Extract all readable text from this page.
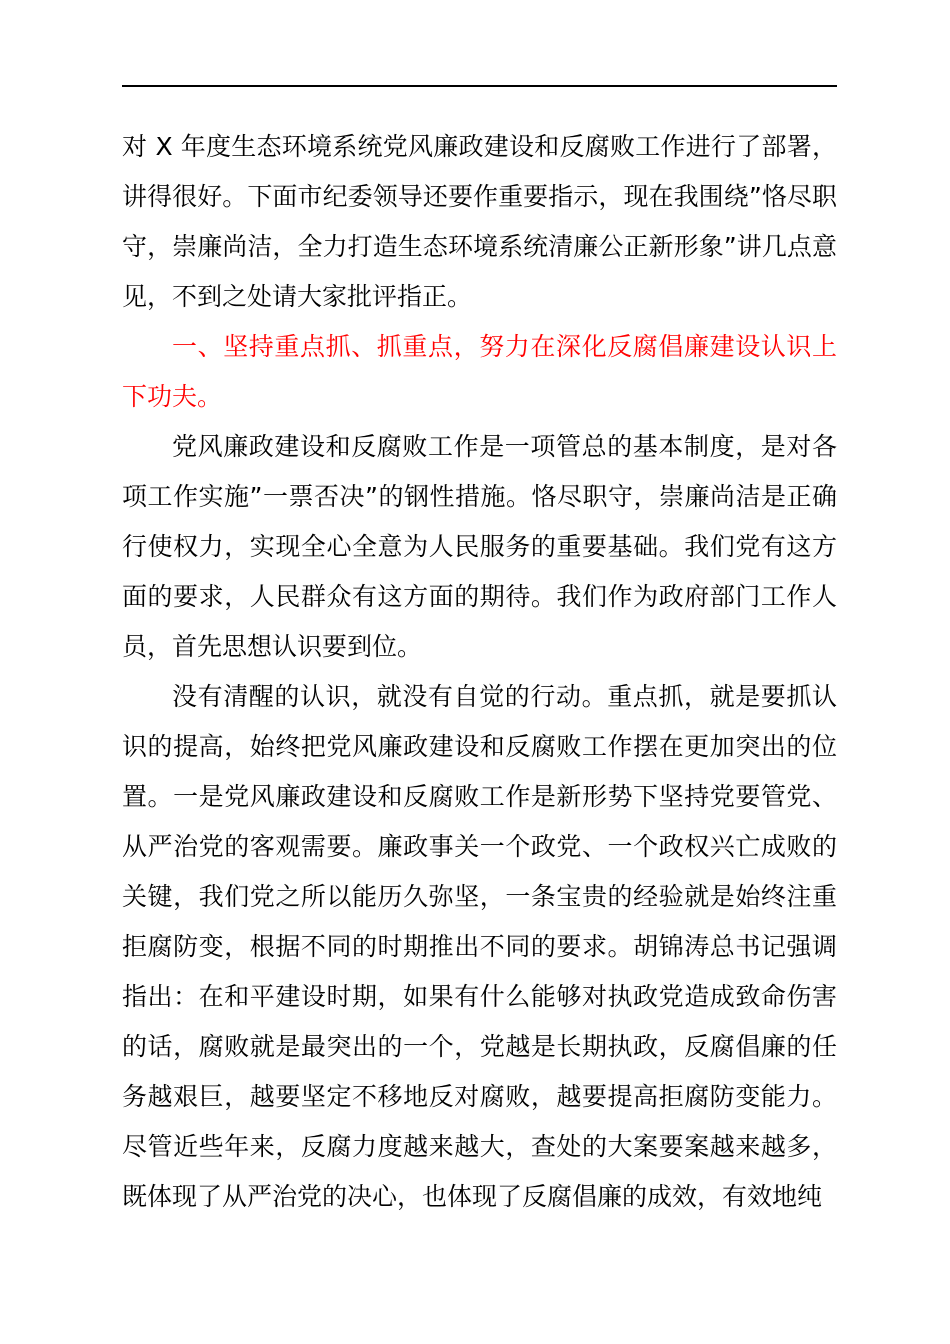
对 X 年度生态环境系统党风廉政建设和反腐败工作进行了部署，讲得很好。下面市纪委领导还要作重要指示，现在我围绕”恪尽职守，崇廉尚洁，全力打造生态环境系统清廉公正新形象”讲几点意见，不到之处请大家批评指正。

一、坚持重点抓、抓重点，努力在深化反腐倡廉建设认识上下功夫。

党风廉政建设和反腐败工作是一项管总的基本制度，是对各项工作实施”一票否决”的钢性措施。恪尽职守，崇廉尚洁是正确行使权力，实现全心全意为人民服务的重要基础。我们党有这方面的要求，人民群众有这方面的期待。我们作为政府部门工作人员，首先思想认识要到位。

没有清醒的认识，就没有自觉的行动。重点抓，就是要抓认识的提高，始终把党风廉政建设和反腐败工作摆在更加突出的位置。一是党风廉政建设和反腐败工作是新形势下坚持党要管党、从严治党的客观需要。廉政事关一个政党、一个政权兴亡成败的关键，我们党之所以能历久弥坚，一条宝贵的经验就是始终注重拒腐防变，根据不同的时期推出不同的要求。胡锦涛总书记强调指出：在和平建设时期，如果有什么能够对执政党造成致命伤害的话，腐败就是最突出的一个，党越是长期执政，反腐倡廉的任务越艰巨，越要坚定不移地反对腐败，越要提高拒腐防变能力。尽管近些年来，反腐力度越来越大，查处的大案要案越来越多，既体现了从严治党的决心，也体现了反腐倡廉的成效，有效地纯
